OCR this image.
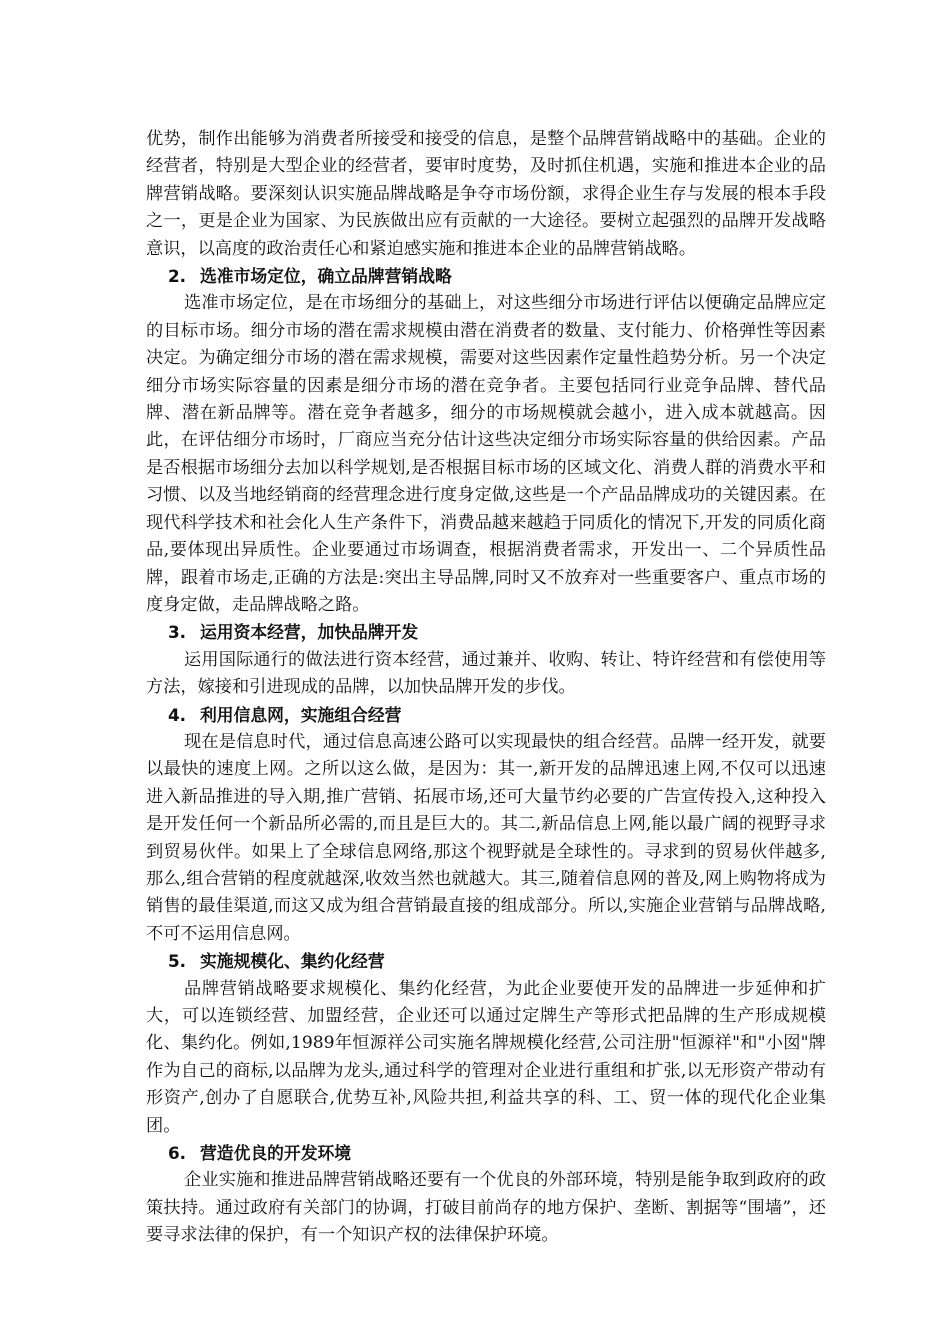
优势，制作出能够为消费者所接受和接受的信息，是整个品牌营销战略中的基础。企业的经营者，特别是大型企业的经营者，要审时度势，及时抓住机遇，实施和推进本企业的品牌营销战略。要深刻认识实施品牌战略是争夺市场份额，求得企业生存与发展的根本手段之一，更是企业为国家、为民族做出应有贡献的一大途径。要树立起强烈的品牌开发战略意识，以高度的政治责任心和紧迫感实施和推进本企业的品牌营销战略。

2. 选准市场定位，确立品牌营销战略

选准市场定位，是在市场细分的基础上，对这些细分市场进行评估以便确定品牌应定的目标市场。细分市场的潜在需求规模由潜在消费者的数量、支付能力、价格弹性等因素决定。为确定细分市场的潜在需求规模，需要对这些因素作定量性趋势分析。另一个决定细分市场实际容量的因素是细分市场的潜在竞争者。主要包括同行业竞争品牌、替代品牌、潜在新品牌等。潜在竞争者越多，细分的市场规模就会越小，进入成本就越高。因此，在评估细分市场时，厂商应当充分估计这些决定细分市场实际容量的供给因素。产品是否根据市场细分去加以科学规划,是否根据目标市场的区域文化、消费人群的消费水平和习惯、以及当地经销商的经营理念进行度身定做,这些是一个产品品牌成功的关键因素。在现代科学技术和社会化人生产条件下，消费品越来越趋于同质化的情况下,开发的同质化商品,要体现出异质性。企业要通过市场调查，根据消费者需求，开发出一、二个异质性品牌，跟着市场走,正确的方法是:突出主导品牌,同时又不放弃对一些重要客户、重点市场的度身定做，走品牌战略之路。

3. 运用资本经营，加快品牌开发

运用国际通行的做法进行资本经营，通过兼并、收购、转让、特许经营和有偿使用等方法，嫁接和引进现成的品牌，以加快品牌开发的步伐。

4. 利用信息网，实施组合经营

现在是信息时代，通过信息高速公路可以实现最快的组合经营。品牌一经开发，就要以最快的速度上网。之所以这么做，是因为：其一,新开发的品牌迅速上网,不仅可以迅速进入新品推进的导入期,推广营销、拓展市场,还可大量节约必要的广告宣传投入,这种投入是开发任何一个新品所必需的,而且是巨大的。其二,新品信息上网,能以最广阔的视野寻求到贸易伙伴。如果上了全球信息网络,那这个视野就是全球性的。寻求到的贸易伙伴越多,那么,组合营销的程度就越深,收效当然也就越大。其三,随着信息网的普及,网上购物将成为销售的最佳渠道,而这又成为组合营销最直接的组成部分。所以,实施企业营销与品牌战略,不可不运用信息网。

5. 实施规模化、集约化经营

品牌营销战略要求规模化、集约化经营，为此企业要使开发的品牌进一步延伸和扩大，可以连锁经营、加盟经营，企业还可以通过定牌生产等形式把品牌的生产形成规模化、集约化。例如,1989年恒源祥公司实施名牌规模化经营,公司注册"恒源祥"和"小囡"牌作为自己的商标,以品牌为龙头,通过科学的管理对企业进行重组和扩张,以无形资产带动有形资产,创办了自愿联合,优势互补,风险共担,利益共享的科、工、贸一体的现代化企业集团。

6. 营造优良的开发环境

企业实施和推进品牌营销战略还要有一个优良的外部环境，特别是能争取到政府的政策扶持。通过政府有关部门的协调，打破目前尚存的地方保护、垄断、割据等“围墙”，还要寻求法律的保护，有一个知识产权的法律保护环境。
